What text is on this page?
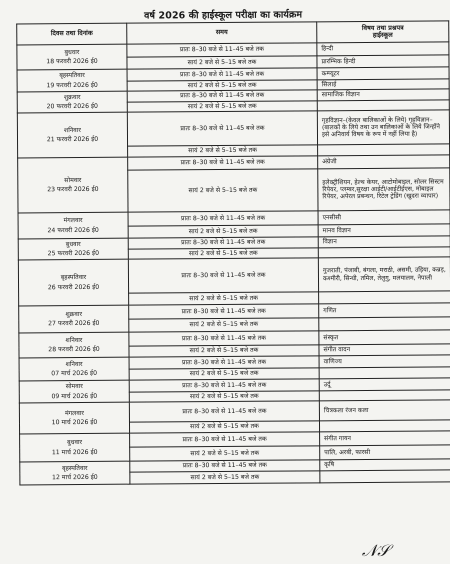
वर्ष 2026 की हाईस्कूल परीक्षा का कार्यक्रम
दिवस तथा दिनांक	समय	विषय तथा प्रश्नपत्र
हाईस्कूल

बुधवार
18 फरवरी 2026 ई0	प्रातः 8–30 बजे से 11–45 बजे तक	हिन्दी
	सायं 2 बजे से 5–15 बजे तक	प्रारम्भिक हिन्दी

बृहस्पतिवार
19 फरवरी 2026 ई0	प्रातः 8–30 बजे से 11–45 बजे तक	कम्प्यूटर
	सायं 2 बजे से 5–15 बजे तक	सिलाई

शुक्रवार
20 फरवरी 2026 ई0	प्रातः 8–30 बजे से 11–45 बजे तक	सामाजिक विज्ञान
	सायं 2 बजे से 5–15 बजे तक	

शनिवार
21 फरवरी 2026 ई0	प्रातः 8–30 बजे से 11–45 बजे तक	गृहविज्ञान–(केवल बालिकाओं के लिये) गृहविज्ञान–(बालकों के लिये तथा उन बालिकाओं के लिये जिन्होंने इसे अनिवार्य विषय के रूप में नहीं लिया है)
	सायं 2 बजे से 5–15 बजे तक	

सोमवार
23 फरवरी 2026 ई0	प्रातः 8–30 बजे से 11–45 बजे तक	अंग्रेजी
	सायं 2 बजे से 5–15 बजे तक	इलेक्ट्रीशियन, हेल्थ केयर, आटोमोबाइल, सोलर सिस्टम रिपेयर, प्लम्बर,सुरक्षा आईटी/आईटीईएस, मोबाइल रिपेयर, अपेरल प्रबन्धन, रिटेल ट्रेडिंग (खुदरा व्यापार)

मंगलवार
24 फरवरी 2026 ई0	प्रातः 8–30 बजे से 11–45 बजे तक	एनसीसी
	सायं 2 बजे से 5–15 बजे तक	मानव विज्ञान

बुधवार
25 फरवरी 2026 ई0	प्रातः 8–30 बजे से 11–45 बजे तक	विज्ञान
	सायं 2 बजे से 5–15 बजे तक	

बृहस्पतिवार
26 फरवरी 2026 ई0	प्रातः 8–30 बजे से 11–45 बजे तक	गुजराती, पंजाबी, बंगला, मराठी, असमी, उड़िया, कन्नड़, कश्मीरी, सिन्धी, तमिल, तेलुगु, मलयालम, नेपाली
	सायं 2 बजे से 5–15 बजे तक	

शुक्रवार
27 फरवरी 2026 ई0	प्रातः 8–30 बजे से 11–45 बजे तक	गणित
	सायं 2 बजे से 5–15 बजे तक	

शनिवार
28 फरवरी 2026 ई0	प्रातः 8–30 बजे से 11–45 बजे तक	संस्कृत
	सायं 2 बजे से 5–15 बजे तक	संगीत वादन

शनिवार
07 मार्च 2026 ई0	प्रातः 8–30 बजे से 11–45 बजे तक	वाणिज्य
	सायं 2 बजे से 5–15 बजे तक	

सोमवार
09 मार्च 2026 ई0	प्रातः 8–30 बजे से 11–45 बजे तक	उर्दू
	सायं 2 बजे से 5–15 बजे तक	

मंगलवार
10 मार्च 2026 ई0	प्रातः 8–30 बजे से 11–45 बजे तक	चित्रकला रंजन कला
	सायं 2 बजे से 5–15 बजे तक	

बुधवार
11 मार्च 2026 ई0	प्रातः 8–30 बजे से 11–45 बजे तक	संगीत गायन
	सायं 2 बजे से 5–15 बजे तक	पालि, अरबी, फारसी

बृहस्पतिवार
12 मार्च 2026 ई0	प्रातः 8–30 बजे से 11–45 बजे तक	कृषि
	सायं 2 बजे से 5–15 बजे तक	
𝒩𝒮
